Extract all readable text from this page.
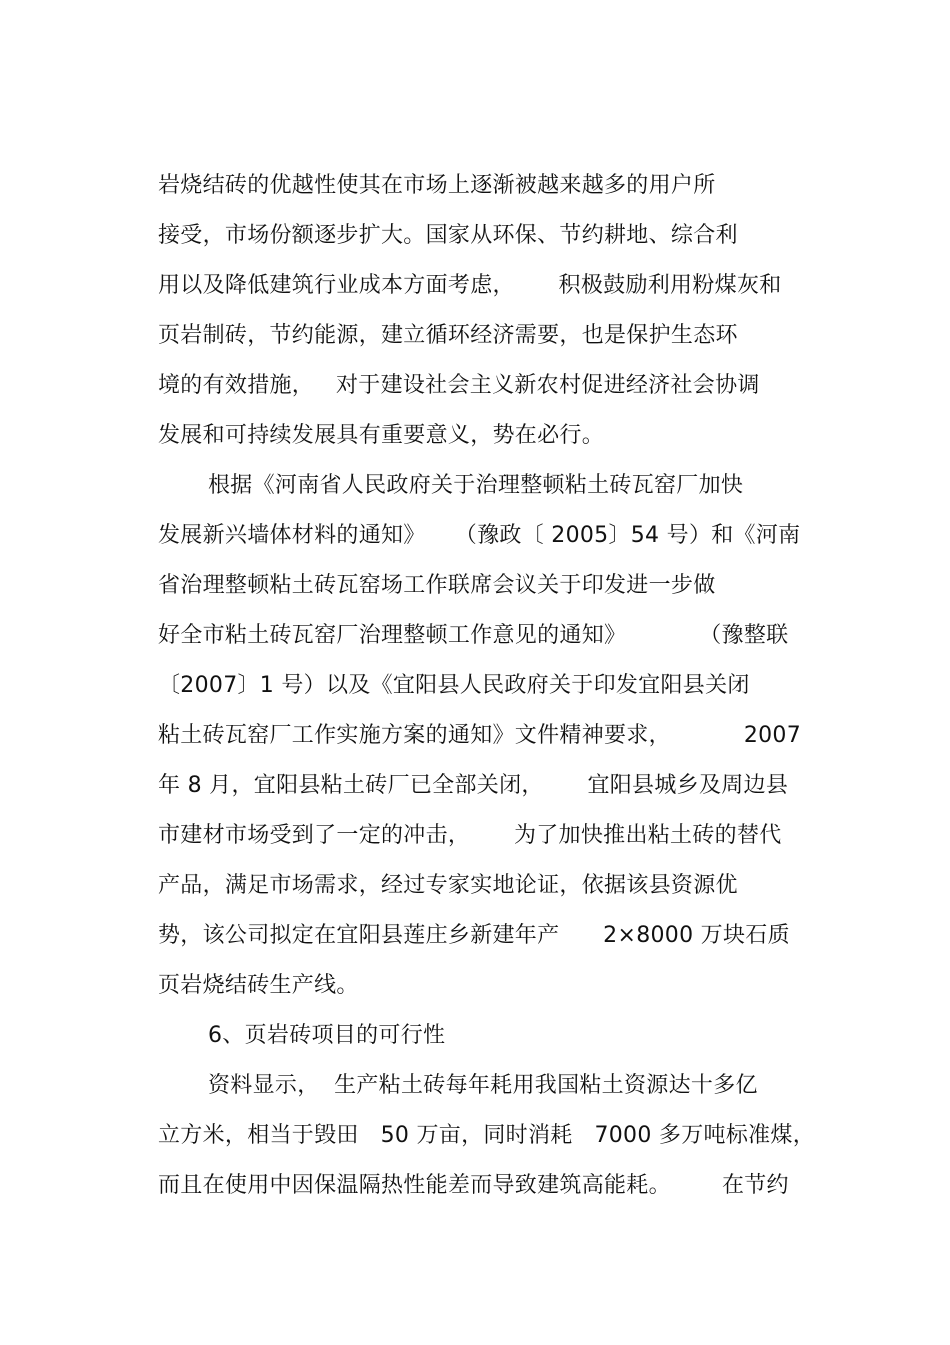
岩烧结砖的优越性使其在市场上逐渐被越来越多的用户所
接受，市场份额逐步扩大。国家从环保、节约耕地、综合利
用以及降低建筑行业成本方面考虑，      积极鼓励利用粉煤灰和
页岩制砖，节约能源，建立循环经济需要，也是保护生态环
境的有效措施，   对于建设社会主义新农村促进经济社会协调
发展和可持续发展具有重要意义，势在必行。
根据《河南省人民政府关于治理整顿粘土砖瓦窑厂加快
发展新兴墙体材料的通知》    （豫政〔 2005〕54 号）和《河南
省治理整顿粘土砖瓦窑场工作联席会议关于印发进一步做
好全市粘土砖瓦窑厂治理整顿工作意见的通知》          （豫整联
〔2007〕1 号）以及《宜阳县人民政府关于印发宜阳县关闭
粘土砖瓦窑厂工作实施方案的通知》文件精神要求，          2007
年 8 月，宜阳县粘土砖厂已全部关闭，      宜阳县城乡及周边县
市建材市场受到了一定的冲击，      为了加快推出粘土砖的替代
产品，满足市场需求，经过专家实地论证，依据该县资源优
势，该公司拟定在宜阳县莲庄乡新建年产      2×8000 万块石质
页岩烧结砖生产线。
6、页岩砖项目的可行性
资料显示，  生产粘土砖每年耗用我国粘土资源达十多亿
立方米，相当于毁田   50 万亩，同时消耗   7000 多万吨标准煤，
而且在使用中因保温隔热性能差而导致建筑高能耗。       在节约
